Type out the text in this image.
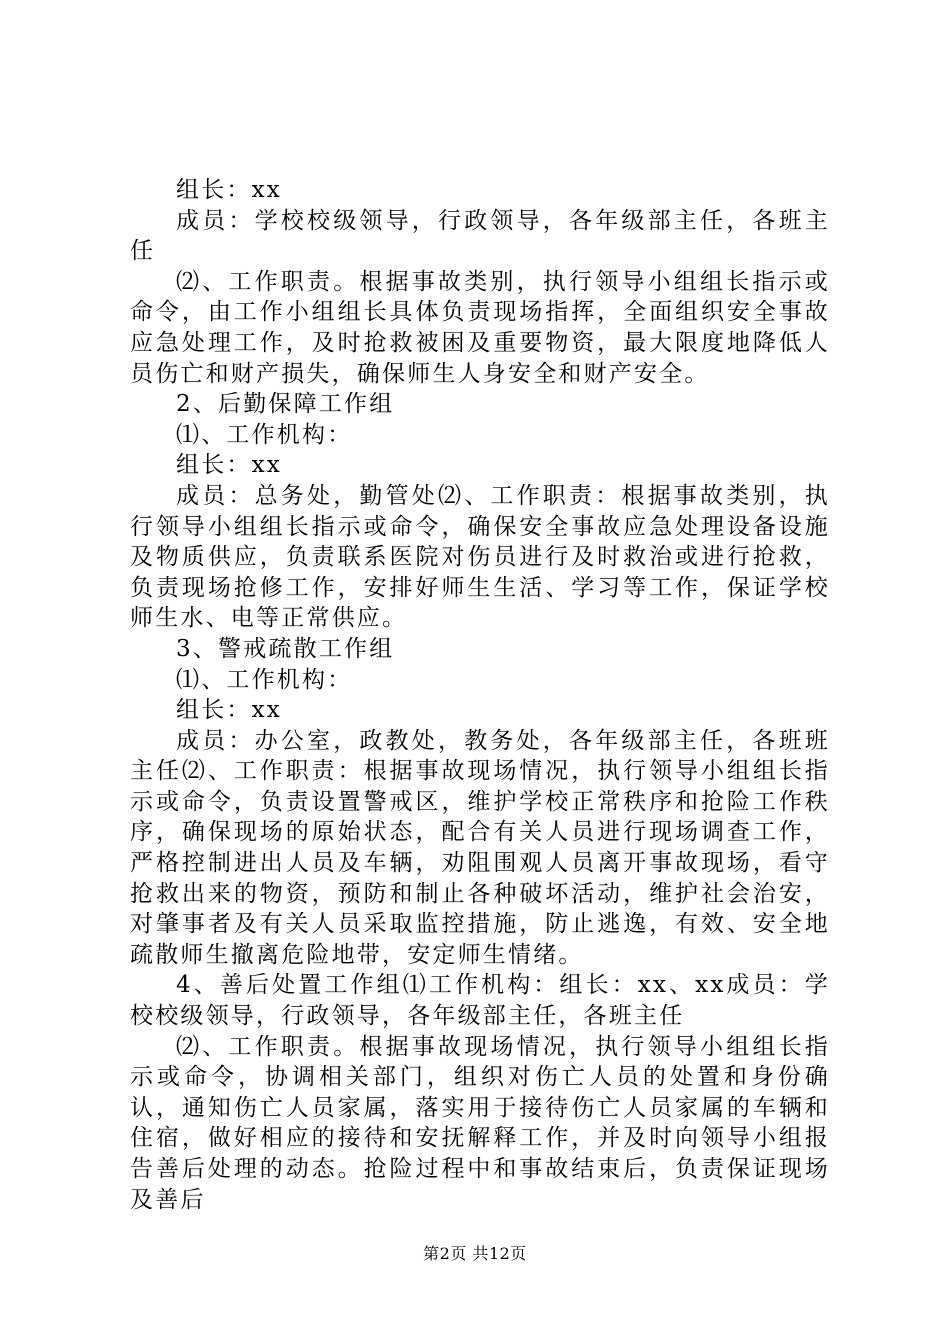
组长：xx

成员：学校校级领导，行政领导，各年级部主任，各班主任

⑵、工作职责。根据事故类别，执行领导小组组长指示或命令，由工作小组组长具体负责现场指挥，全面组织安全事故应急处理工作，及时抢救被困及重要物资，最大限度地降低人员伤亡和财产损失，确保师生人身安全和财产安全。

2、后勤保障工作组

⑴、工作机构：

组长：xx

成员：总务处，勤管处⑵、工作职责：根据事故类别，执行领导小组组长指示或命令，确保安全事故应急处理设备设施及物质供应，负责联系医院对伤员进行及时救治或进行抢救，负责现场抢修工作，安排好师生生活、学习等工作，保证学校师生水、电等正常供应。

3、警戒疏散工作组

⑴、工作机构：

组长：xx

成员：办公室，政教处，教务处，各年级部主任，各班班主任⑵、工作职责：根据事故现场情况，执行领导小组组长指示或命令，负责设置警戒区，维护学校正常秩序和抢险工作秩序，确保现场的原始状态，配合有关人员进行现场调查工作，严格控制进出人员及车辆，劝阻围观人员离开事故现场，看守抢救出来的物资，预防和制止各种破坏活动，维护社会治安，对肇事者及有关人员采取监控措施，防止逃逸，有效、安全地疏散师生撤离危险地带，安定师生情绪。

4、善后处置工作组⑴工作机构：组长：xx、xx成员：学校校级领导，行政领导，各年级部主任，各班主任

⑵、工作职责。根据事故现场情况，执行领导小组组长指示或命令，协调相关部门，组织对伤亡人员的处置和身份确认，通知伤亡人员家属，落实用于接待伤亡人员家属的车辆和住宿，做好相应的接待和安抚解释工作，并及时向领导小组报告善后处理的动态。抢险过程中和事故结束后，负责保证现场及善后

第2页 共12页
